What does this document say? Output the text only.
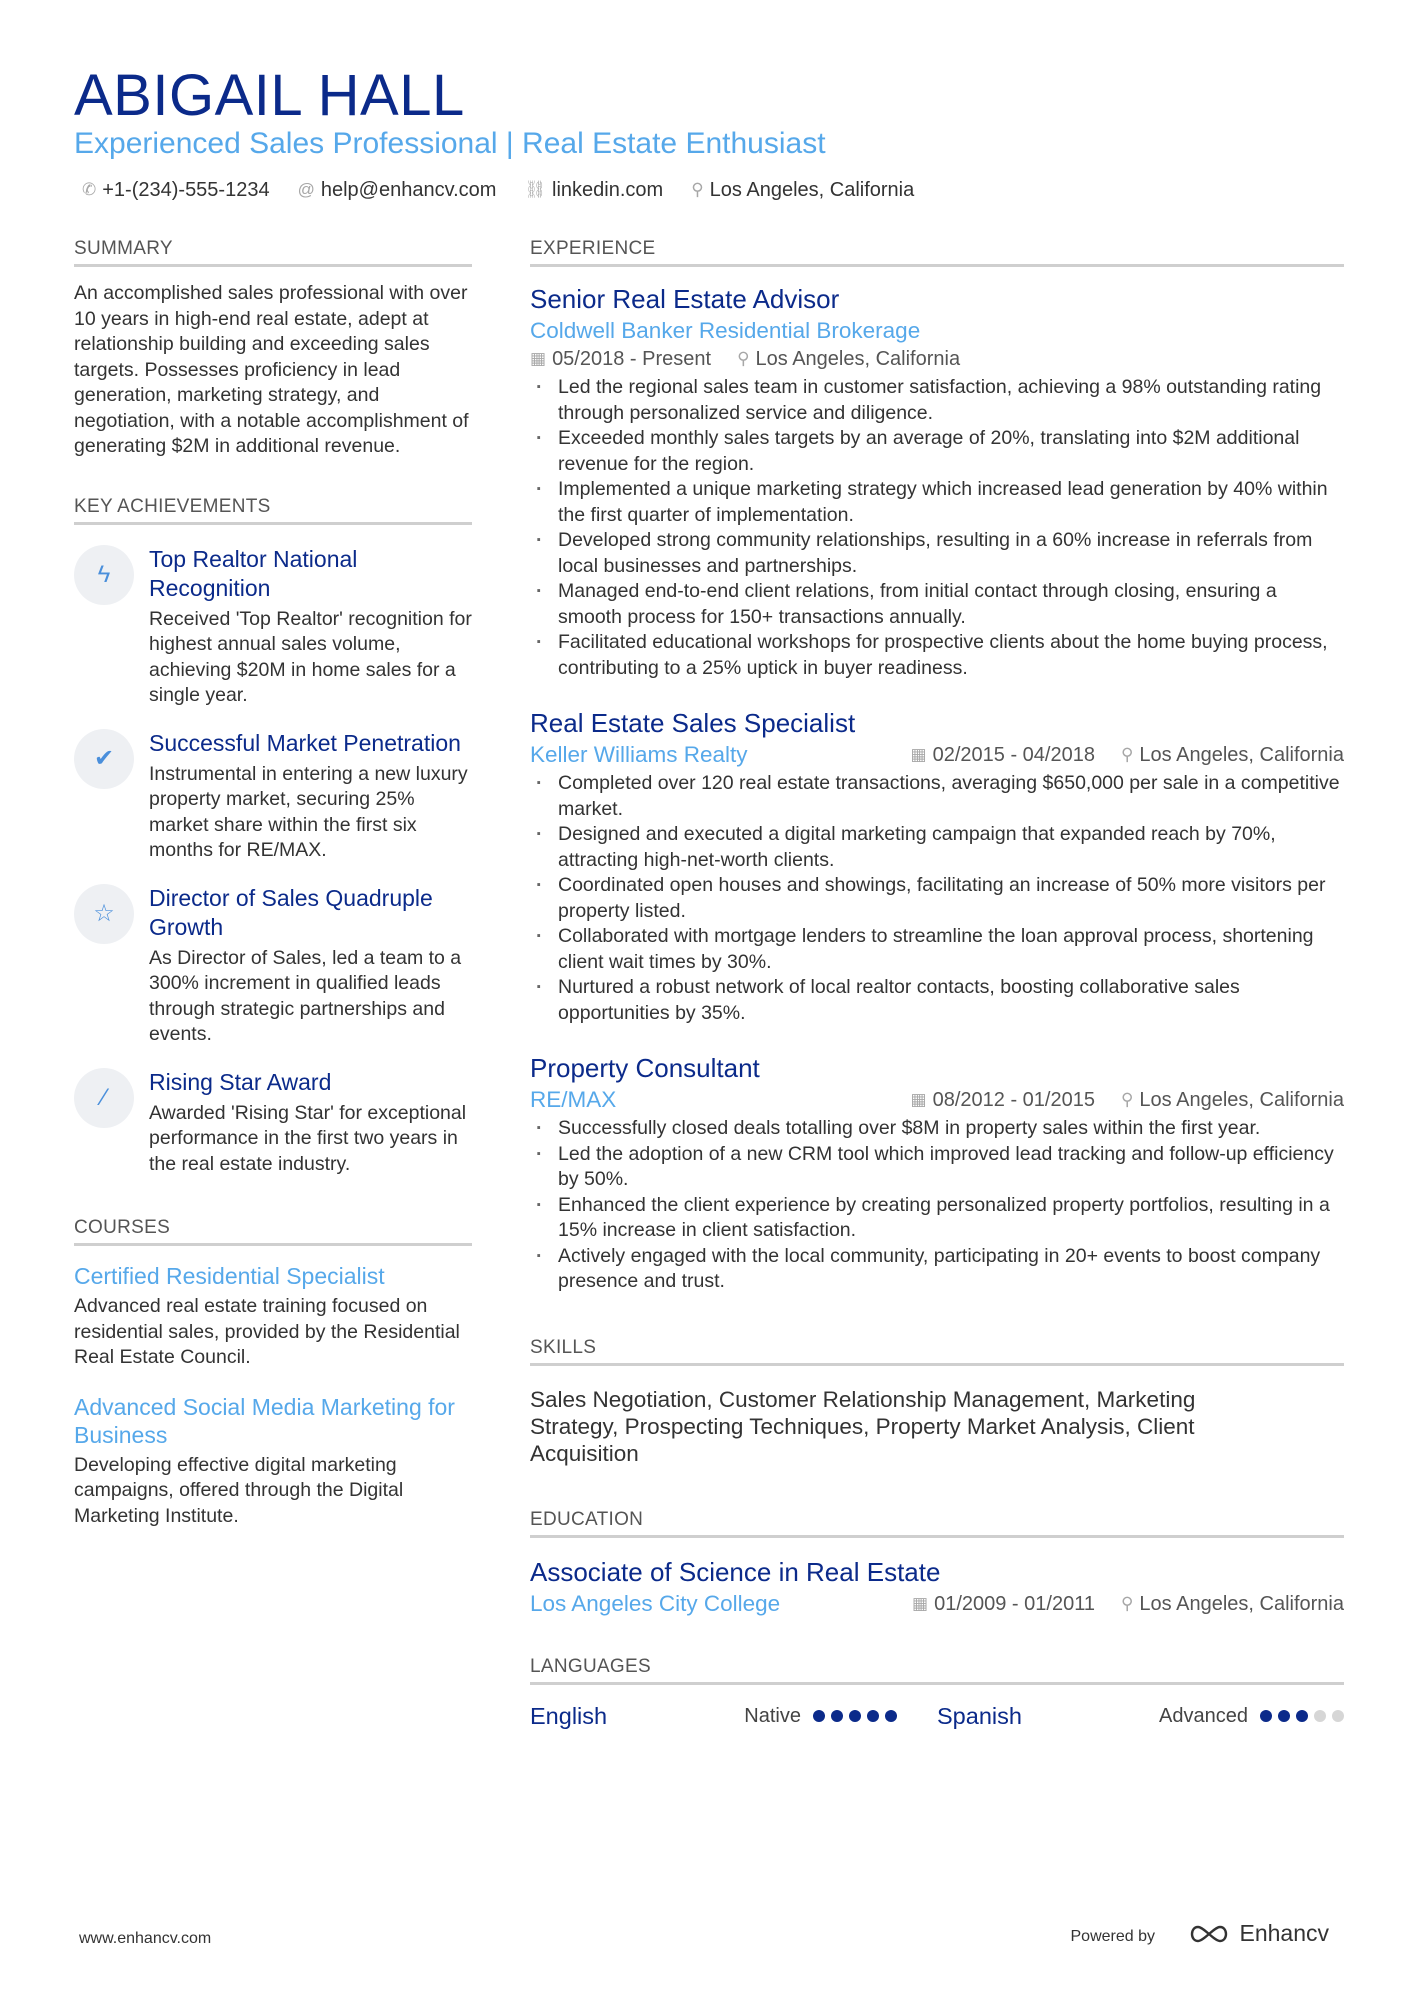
ABIGAIL HALL
Experienced Sales Professional | Real Estate Enthusiast
✆ +1-(234)-555-1234 @ help@enhancv.com ⛓ linkedin.com ⚲ Los Angeles, California
SUMMARY
An accomplished sales professional with over 10 years in high-end real estate, adept at relationship building and exceeding sales targets. Possesses proficiency in lead generation, marketing strategy, and negotiation, with a notable accomplishment of generating $2M in additional revenue.
KEY ACHIEVEMENTS
ϟ
Top Realtor National Recognition
Received 'Top Realtor' recognition for highest annual sales volume, achieving $20M in home sales for a single year.
✔
Successful Market Penetration
Instrumental in entering a new luxury property market, securing 25% market share within the first six months for RE/MAX.
☆
Director of Sales Quadruple Growth
As Director of Sales, led a team to a 300% increment in qualified leads through strategic partnerships and events.
⁄
Rising Star Award
Awarded 'Rising Star' for exceptional performance in the first two years in the real estate industry.
COURSES
Certified Residential Specialist
Advanced real estate training focused on residential sales, provided by the Residential Real Estate Council.
Advanced Social Media Marketing for Business
Developing effective digital marketing campaigns, offered through the Digital Marketing Institute.
EXPERIENCE
Senior Real Estate Advisor
Coldwell Banker Residential Brokerage
▦ 05/2018 - Present ⚲ Los Angeles, California
· Led the regional sales team in customer satisfaction, achieving a 98% outstanding rating through personalized service and diligence.
· Exceeded monthly sales targets by an average of 20%, translating into $2M additional revenue for the region.
· Implemented a unique marketing strategy which increased lead generation by 40% within the first quarter of implementation.
· Developed strong community relationships, resulting in a 60% increase in referrals from local businesses and partnerships.
· Managed end-to-end client relations, from initial contact through closing, ensuring a smooth process for 150+ transactions annually.
· Facilitated educational workshops for prospective clients about the home buying process, contributing to a 25% uptick in buyer readiness.
Real Estate Sales Specialist
Keller Williams Realty	▦ 02/2015 - 04/2018 ⚲ Los Angeles, California
· Completed over 120 real estate transactions, averaging $650,000 per sale in a competitive market.
· Designed and executed a digital marketing campaign that expanded reach by 70%, attracting high-net-worth clients.
· Coordinated open houses and showings, facilitating an increase of 50% more visitors per property listed.
· Collaborated with mortgage lenders to streamline the loan approval process, shortening client wait times by 30%.
· Nurtured a robust network of local realtor contacts, boosting collaborative sales opportunities by 35%.
Property Consultant
RE/MAX	▦ 08/2012 - 01/2015 ⚲ Los Angeles, California
· Successfully closed deals totalling over $8M in property sales within the first year.
· Led the adoption of a new CRM tool which improved lead tracking and follow-up efficiency by 50%.
· Enhanced the client experience by creating personalized property portfolios, resulting in a 15% increase in client satisfaction.
· Actively engaged with the local community, participating in 20+ events to boost company presence and trust.
SKILLS
Sales Negotiation, Customer Relationship Management, Marketing Strategy, Prospecting Techniques, Property Market Analysis, Client Acquisition
EDUCATION
Associate of Science in Real Estate
Los Angeles City College	▦ 01/2009 - 01/2011 ⚲ Los Angeles, California
LANGUAGES
English	Native	Spanish	Advanced
www.enhancv.com	Powered by	Enhancv
